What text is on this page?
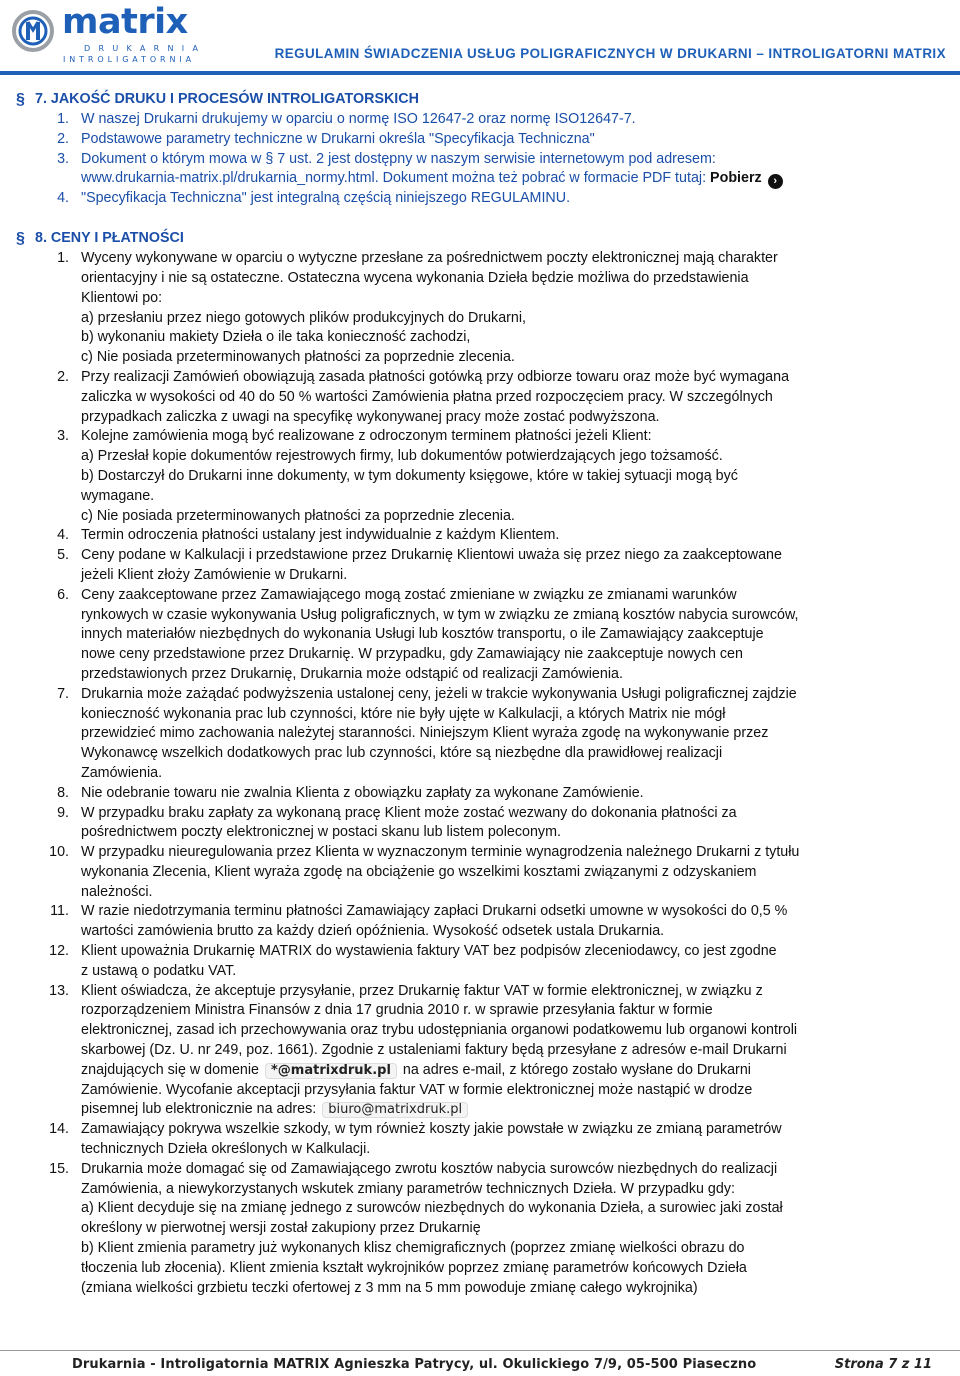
matrix
DRUKARNIA
INTROLIGATORNIA	REGULAMIN ŚWIADCZENIA USŁUG POLIGRAFICZNYCH W DRUKARNI – INTROLIGATORNI MATRIX
§ 7. JAKOŚĆ DRUKU I PROCESÓW INTROLIGATORSKICH
1. W naszej Drukarni drukujemy w oparciu o normę ISO 12647-2 oraz normę ISO12647-7.
2. Podstawowe parametry techniczne w Drukarni określa "Specyfikacja Techniczna"
3. Dokument o którym mowa w § 7 ust. 2 jest dostępny w naszym serwisie internetowym pod adresem:
www.drukarnia-matrix.pl/drukarnia_normy.html. Dokument można też pobrać w formacie PDF tutaj: Pobierz ›
4. "Specyfikacja Techniczna" jest integralną częścią niniejszego REGULAMINU.
§ 8. CENY I PŁATNOŚCI
1. Wyceny wykonywane w oparciu o wytyczne przesłane za pośrednictwem poczty elektronicznej mają charakter
orientacyjny i nie są ostateczne. Ostateczna wycena wykonania Dzieła będzie możliwa do przedstawienia
Klientowi po:
a) przesłaniu przez niego gotowych plików produkcyjnych do Drukarni,
b) wykonaniu makiety Dzieła o ile taka konieczność zachodzi,
c) Nie posiada przeterminowanych płatności za poprzednie zlecenia.
2. Przy realizacji Zamówień obowiązują zasada płatności gotówką przy odbiorze towaru oraz może być wymagana
zaliczka w wysokości od 40 do 50 % wartości Zamówienia płatna przed rozpoczęciem pracy. W szczególnych
przypadkach zaliczka z uwagi na specyfikę wykonywanej pracy może zostać podwyższona.
3. Kolejne zamówienia mogą być realizowane z odroczonym terminem płatności jeżeli Klient:
a) Przesłał kopie dokumentów rejestrowych firmy, lub dokumentów potwierdzających jego tożsamość.
b) Dostarczył do Drukarni inne dokumenty, w tym dokumenty księgowe, które w takiej sytuacji mogą być
wymagane.
c) Nie posiada przeterminowanych płatności za poprzednie zlecenia.
4. Termin odroczenia płatności ustalany jest indywidualnie z każdym Klientem.
5. Ceny podane w Kalkulacji i przedstawione przez Drukarnię Klientowi uważa się przez niego za zaakceptowane
jeżeli Klient złoży Zamówienie w Drukarni.
6. Ceny zaakceptowane przez Zamawiającego mogą zostać zmieniane w związku ze zmianami warunków
rynkowych w czasie wykonywania Usług poligraficznych, w tym w związku ze zmianą kosztów nabycia surowców,
innych materiałów niezbędnych do wykonania Usługi lub kosztów transportu, o ile Zamawiający zaakceptuje
nowe ceny przedstawione przez Drukarnię. W przypadku, gdy Zamawiający nie zaakceptuje nowych cen
przedstawionych przez Drukarnię, Drukarnia może odstąpić od realizacji Zamówienia.
7. Drukarnia może zażądać podwyższenia ustalonej ceny, jeżeli w trakcie wykonywania Usługi poligraficznej zajdzie
konieczność wykonania prac lub czynności, które nie były ujęte w Kalkulacji, a których Matrix nie mógł
przewidzieć mimo zachowania należytej staranności. Niniejszym Klient wyraża zgodę na wykonywanie przez
Wykonawcę wszelkich dodatkowych prac lub czynności, które są niezbędne dla prawidłowej realizacji
Zamówienia.
8. Nie odebranie towaru nie zwalnia Klienta z obowiązku zapłaty za wykonane Zamówienie.
9. W przypadku braku zapłaty za wykonaną pracę Klient może zostać wezwany do dokonania płatności za
pośrednictwem poczty elektronicznej w postaci skanu lub listem poleconym.
10. W przypadku nieuregulowania przez Klienta w wyznaczonym terminie wynagrodzenia należnego Drukarni z tytułu
wykonania Zlecenia, Klient wyraża zgodę na obciążenie go wszelkimi kosztami związanymi z odzyskaniem
należności.
11. W razie niedotrzymania terminu płatności Zamawiający zapłaci Drukarni odsetki umowne w wysokości do 0,5 %
wartości zamówienia brutto za każdy dzień opóźnienia. Wysokość odsetek ustala Drukarnia.
12. Klient upoważnia Drukarnię MATRIX do wystawienia faktury VAT bez podpisów zleceniodawcy, co jest zgodne
z ustawą o podatku VAT.
13. Klient oświadcza, że akceptuje przysyłanie, przez Drukarnię faktur VAT w formie elektronicznej, w związku z
rozporządzeniem Ministra Finansów z dnia 17 grudnia 2010 r. w sprawie przesyłania faktur w formie
elektronicznej, zasad ich przechowywania oraz trybu udostępniania organowi podatkowemu lub organowi kontroli
skarbowej (Dz. U. nr 249, poz. 1661). Zgodnie z ustaleniami faktury będą przesyłane z adresów e-mail Drukarni
znajdujących się w domenie *@matrixdruk.pl na adres e-mail, z którego zostało wysłane do Drukarni
Zamówienie. Wycofanie akceptacji przysyłania faktur VAT w formie elektronicznej może nastąpić w drodze
pisemnej lub elektronicznie na adres: biuro@matrixdruk.pl
14. Zamawiający pokrywa wszelkie szkody, w tym również koszty jakie powstałe w związku ze zmianą parametrów
technicznych Dzieła określonych w Kalkulacji.
15. Drukarnia może domagać się od Zamawiającego zwrotu kosztów nabycia surowców niezbędnych do realizacji
Zamówienia, a niewykorzystanych wskutek zmiany parametrów technicznych Dzieła. W przypadku gdy:
a) Klient decyduje się na zmianę jednego z surowców niezbędnych do wykonania Dzieła, a surowiec jaki został
określony w pierwotnej wersji został zakupiony przez Drukarnię
b) Klient zmienia parametry już wykonanych klisz chemigraficznych (poprzez zmianę wielkości obrazu do
tłoczenia lub złocenia). Klient zmienia kształt wykrojników poprzez zmianę parametrów końcowych Dzieła
(zmiana wielkości grzbietu teczki ofertowej z 3 mm na 5 mm powoduje zmianę całego wykrojnika)
Drukarnia - Introligatornia MATRIX Agnieszka Patrycy, ul. Okulickiego 7/9, 05-500 Piaseczno	Strona 7 z 11
